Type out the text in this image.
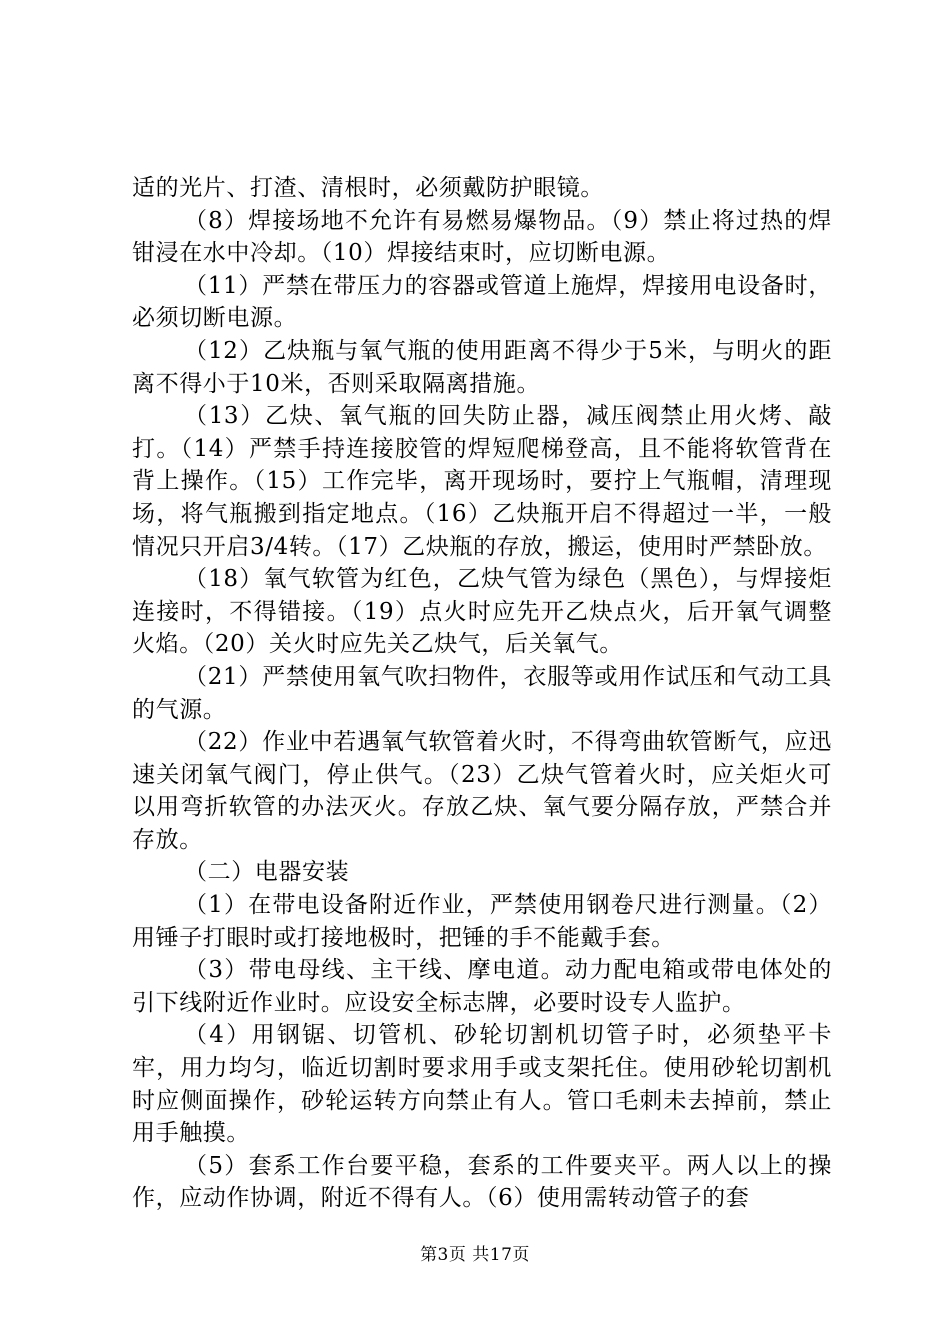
适的光片、打渣、清根时，必须戴防护眼镜。

（8）焊接场地不允许有易燃易爆物品。（9）禁止将过热的焊钳浸在水中冷却。（10）焊接结束时，应切断电源。

（11）严禁在带压力的容器或管道上施焊，焊接用电设备时，必须切断电源。

（12）乙炔瓶与氧气瓶的使用距离不得少于5米，与明火的距离不得小于10米，否则采取隔离措施。

（13）乙炔、氧气瓶的回失防止器，减压阀禁止用火烤、敲打。（14）严禁手持连接胶管的焊短爬梯登高，且不能将软管背在背上操作。（15）工作完毕，离开现场时，要拧上气瓶帽，清理现场，将气瓶搬到指定地点。（16）乙炔瓶开启不得超过一半，一般情况只开启3/4转。（17）乙炔瓶的存放，搬运，使用时严禁卧放。

（18）氧气软管为红色，乙炔气管为绿色（黑色），与焊接炬连接时，不得错接。（19）点火时应先开乙炔点火，后开氧气调整火焰。（20）关火时应先关乙炔气，后关氧气。

（21）严禁使用氧气吹扫物件，衣服等或用作试压和气动工具的气源。

（22）作业中若遇氧气软管着火时，不得弯曲软管断气，应迅速关闭氧气阀门，停止供气。（23）乙炔气管着火时，应关炬火可以用弯折软管的办法灭火。存放乙炔、氧气要分隔存放，严禁合并存放。

（二）电器安装

（1）在带电设备附近作业，严禁使用钢卷尺进行测量。（2）用锤子打眼时或打接地极时，把锤的手不能戴手套。

（3）带电母线、主干线、摩电道。动力配电箱或带电体处的引下线附近作业时。应设安全标志牌，必要时设专人监护。

（4）用钢锯、切管机、砂轮切割机切管子时，必须垫平卡牢，用力均匀，临近切割时要求用手或支架托住。使用砂轮切割机时应侧面操作，砂轮运转方向禁止有人。管口毛刺未去掉前，禁止用手触摸。

（5）套系工作台要平稳，套系的工件要夹平。两人以上的操作，应动作协调，附近不得有人。（6）使用需转动管子的套

第3页 共17页
